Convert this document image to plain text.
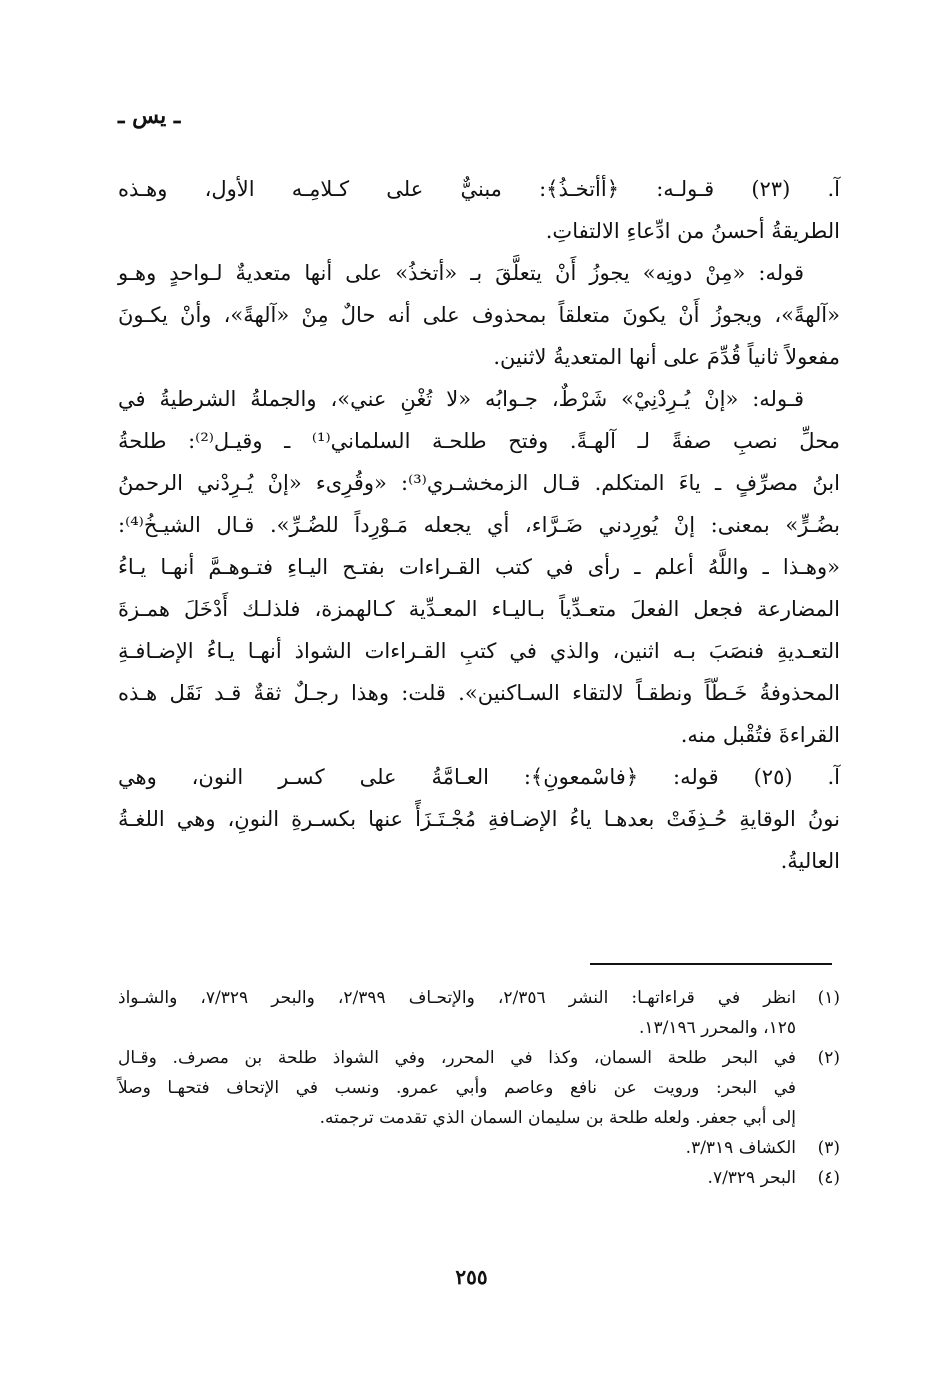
ـ يس ـ
آ. (٢٣) قـولـه: ﴿أأتخـذُ﴾: مبنيٌّ على كـلامِـه الأول، وهـذه
الطريقةُ أحسنُ من ادِّعاءِ الالتفاتِ.
قوله: «مِنْ دونِه» يجوزُ أَنْ يتعلَّقَ بـ «أتخذُ» على أنها متعديةٌ لـواحدٍ وهـو
«آلهةً»، ويجوزُ أَنْ يكونَ متعلقاً بمحذوف على أنه حالٌ مِنْ «آلهةً»، وأنْ يكـونَ
مفعولاً ثانياً قُدِّمَ على أنها المتعديةُ لاثنين.
قـوله: «إنْ يُـرِدْنِيْ» شَرْطٌ، جـوابُه «لا تُغْنِ عني»، والجملةُ الشرطيةُ في
محلِّ نصبِ صفةً لـ آلهـةً. وفتح طلحـة السلماني⁽¹⁾ ـ وقيـل⁽²⁾: طلحةُ
ابنُ مصرِّفٍ ـ ياءَ المتكلم. قـال الزمخشـري⁽³⁾: «وقُرِىء «إنْ يُـرِدْني الرحمنُ
بضُـرٍّ» بمعنى: إنْ يُورِدني ضَـرَّاء، أي يجعله مَـوْرِداً للضُـرِّ». قـال الشيـخُ⁽⁴⁾:
«وهـذا ـ واللَّهُ أعلم ـ رأى في كتب القـراءات بفتـح اليـاءِ فتـوهـمَّ أنهـا يـاءُ
المضارعة فجعل الفعلَ متعـدِّياً بـاليـاء المعـدِّية كـالهمزة، فلذلـك أَدْخَلَ همـزةَ
التعـديةِ فنصَبَ بـه اثنين، والذي في كتبِ القـراءات الشواذ أنهـا يـاءُ الإضـافـةِ
المحذوفةُ خَـطّاً ونطقـاً لالتقاء السـاكنين». قلت: وهذا رجـلٌ ثقةٌ قـد نَقَل هـذه
القراءةَ فتُقْبل منه.
آ. (٢٥) قوله: ﴿فاسْمعونِ﴾: العـامَّةُ على كسـر النون، وهي
نونُ الوقايةِ حُـذِفَتْ بعدهـا ياءُ الإضـافةِ مُجْـتَـزَأً عنها بكسـرةِ النونِ، وهي اللغـةُ
العاليةُ.
(١)
انظر في قراءاتهـا: النشر ٢/٣٥٦، والإتحـاف ٢/٣٩٩، والبحر ٧/٣٢٩، والشـواذ
١٢٥، والمحرر ١٣/١٩٦.
(٢)
في البحر طلحة السمان، وكذا في المحرر، وفي الشواذ طلحة بن مصرف. وقـال
في البحر: ورويت عن نافع وعاصم وأبي عمرو. ونسب في الإتحاف فتحهـا وصلاً
إلى أبي جعفر. ولعله طلحة بن سليمان السمان الذي تقدمت ترجمته.
(٣)
الكشاف ٣/٣١٩.
(٤)
البحر ٧/٣٢٩.
٢٥٥
